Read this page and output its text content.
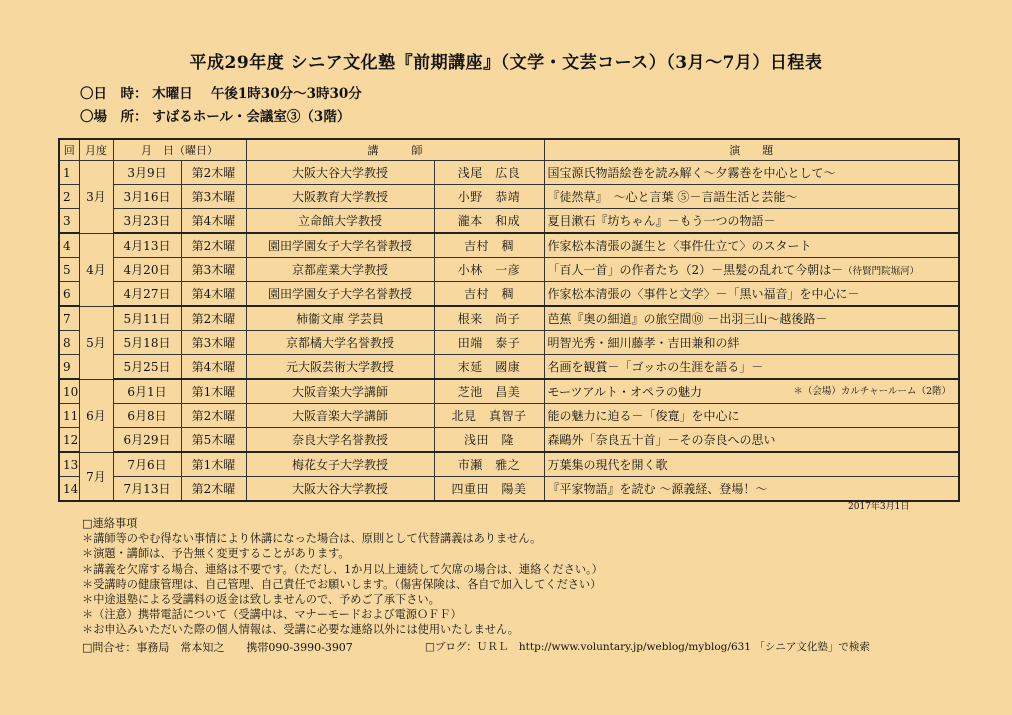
平成29年度 シニア文化塾『前期講座』（文学・文芸コース）（3月～7月）日程表
〇日　時： 木曜日　 午後1時30分～3時30分
〇場　所： すばるホール・会議室③（3階）
回	月度	月　日（曜日）		講　　　師		演　　題
1	3月	3月9日	第2木曜	大阪大谷大学教授	浅尾　広良	国宝源氏物語絵巻を読み解く～夕霧巻を中心として～
2		3月16日	第3木曜	大阪教育大学教授	小野　恭靖	『徒然草』　～心と言葉 ⑤－言語生活と芸能～
3		3月23日	第4木曜	立命館大学教授	瀧本　和成	夏目漱石『坊ちゃん』－もう一つの物語－
4	4月	4月13日	第2木曜	園田学園女子大学名誉教授	吉村　稠	作家松本清張の誕生と〈事件仕立て〉のスタート
5		4月20日	第3木曜	京都産業大学教授	小林　一彦	「百人一首」の作者たち（2）－黒髪の乱れて今朝は－（待賢門院堀河）
6		4月27日	第4木曜	園田学園女子大学名誉教授	吉村　稠	作家松本清張の〈事件と文学〉－「黒い福音」を中心に－
7	5月	5月11日	第2木曜	柿衞文庫 学芸員	根来　尚子	芭蕉『奥の細道』の旅空間⑩ －出羽三山～越後路－
8		5月18日	第3木曜	京都橘大学名誉教授	田端　泰子	明智光秀・細川藤孝・吉田兼和の絆
9		5月25日	第4木曜	元大阪芸術大学教授	末延　國康	名画を観賞－「ゴッホの生涯を語る」－
10	6月	6月1日	第1木曜	大阪音楽大学講師	芝池　昌美	モーツアルト・オペラの魅力 ＊（会場）カルチャールーム（2階）

11		6月8日	第2木曜	大阪音楽大学講師	北見　真智子	能の魅力に迫る－「俊寛」を中心に
12		6月29日	第5木曜	奈良大学名誉教授	浅田　隆	森鷗外「奈良五十首」－その奈良への思い
13	7月	7月6日	第1木曜	梅花女子大学教授	市瀬　雅之	万葉集の現代を開く歌
14		7月13日	第2木曜	大阪大谷大学教授	四重田　陽美	『平家物語』を読む ～源義経、登場！～
2017年3月1日
□連絡事項
＊講師等のやむ得ない事情により休講になった場合は、原則として代替講義はありません。
＊演題・講師は、予告無く変更することがあります。
＊講義を欠席する場合、連絡は不要です。（ただし、1か月以上連続して欠席の場合は、連絡ください。）
＊受講時の健康管理は、自己管理、自己責任でお願いします。（傷害保険は、各自で加入してください）
＊中途退塾による受講料の返金は致しませんので、予めご了承下さい。
＊（注意）携帯電話について（受講中は、マナーモードおよび電源ＯＦＦ）
＊お申込みいただいた際の個人情報は、受講に必要な連絡以外には使用いたしません。
□問合せ：事務局　常本知之　　携帯090-3990-3907	□ブログ：ＵＲＬ　http://www.voluntary.jp/weblog/myblog/631 「シニア文化塾」で検索
